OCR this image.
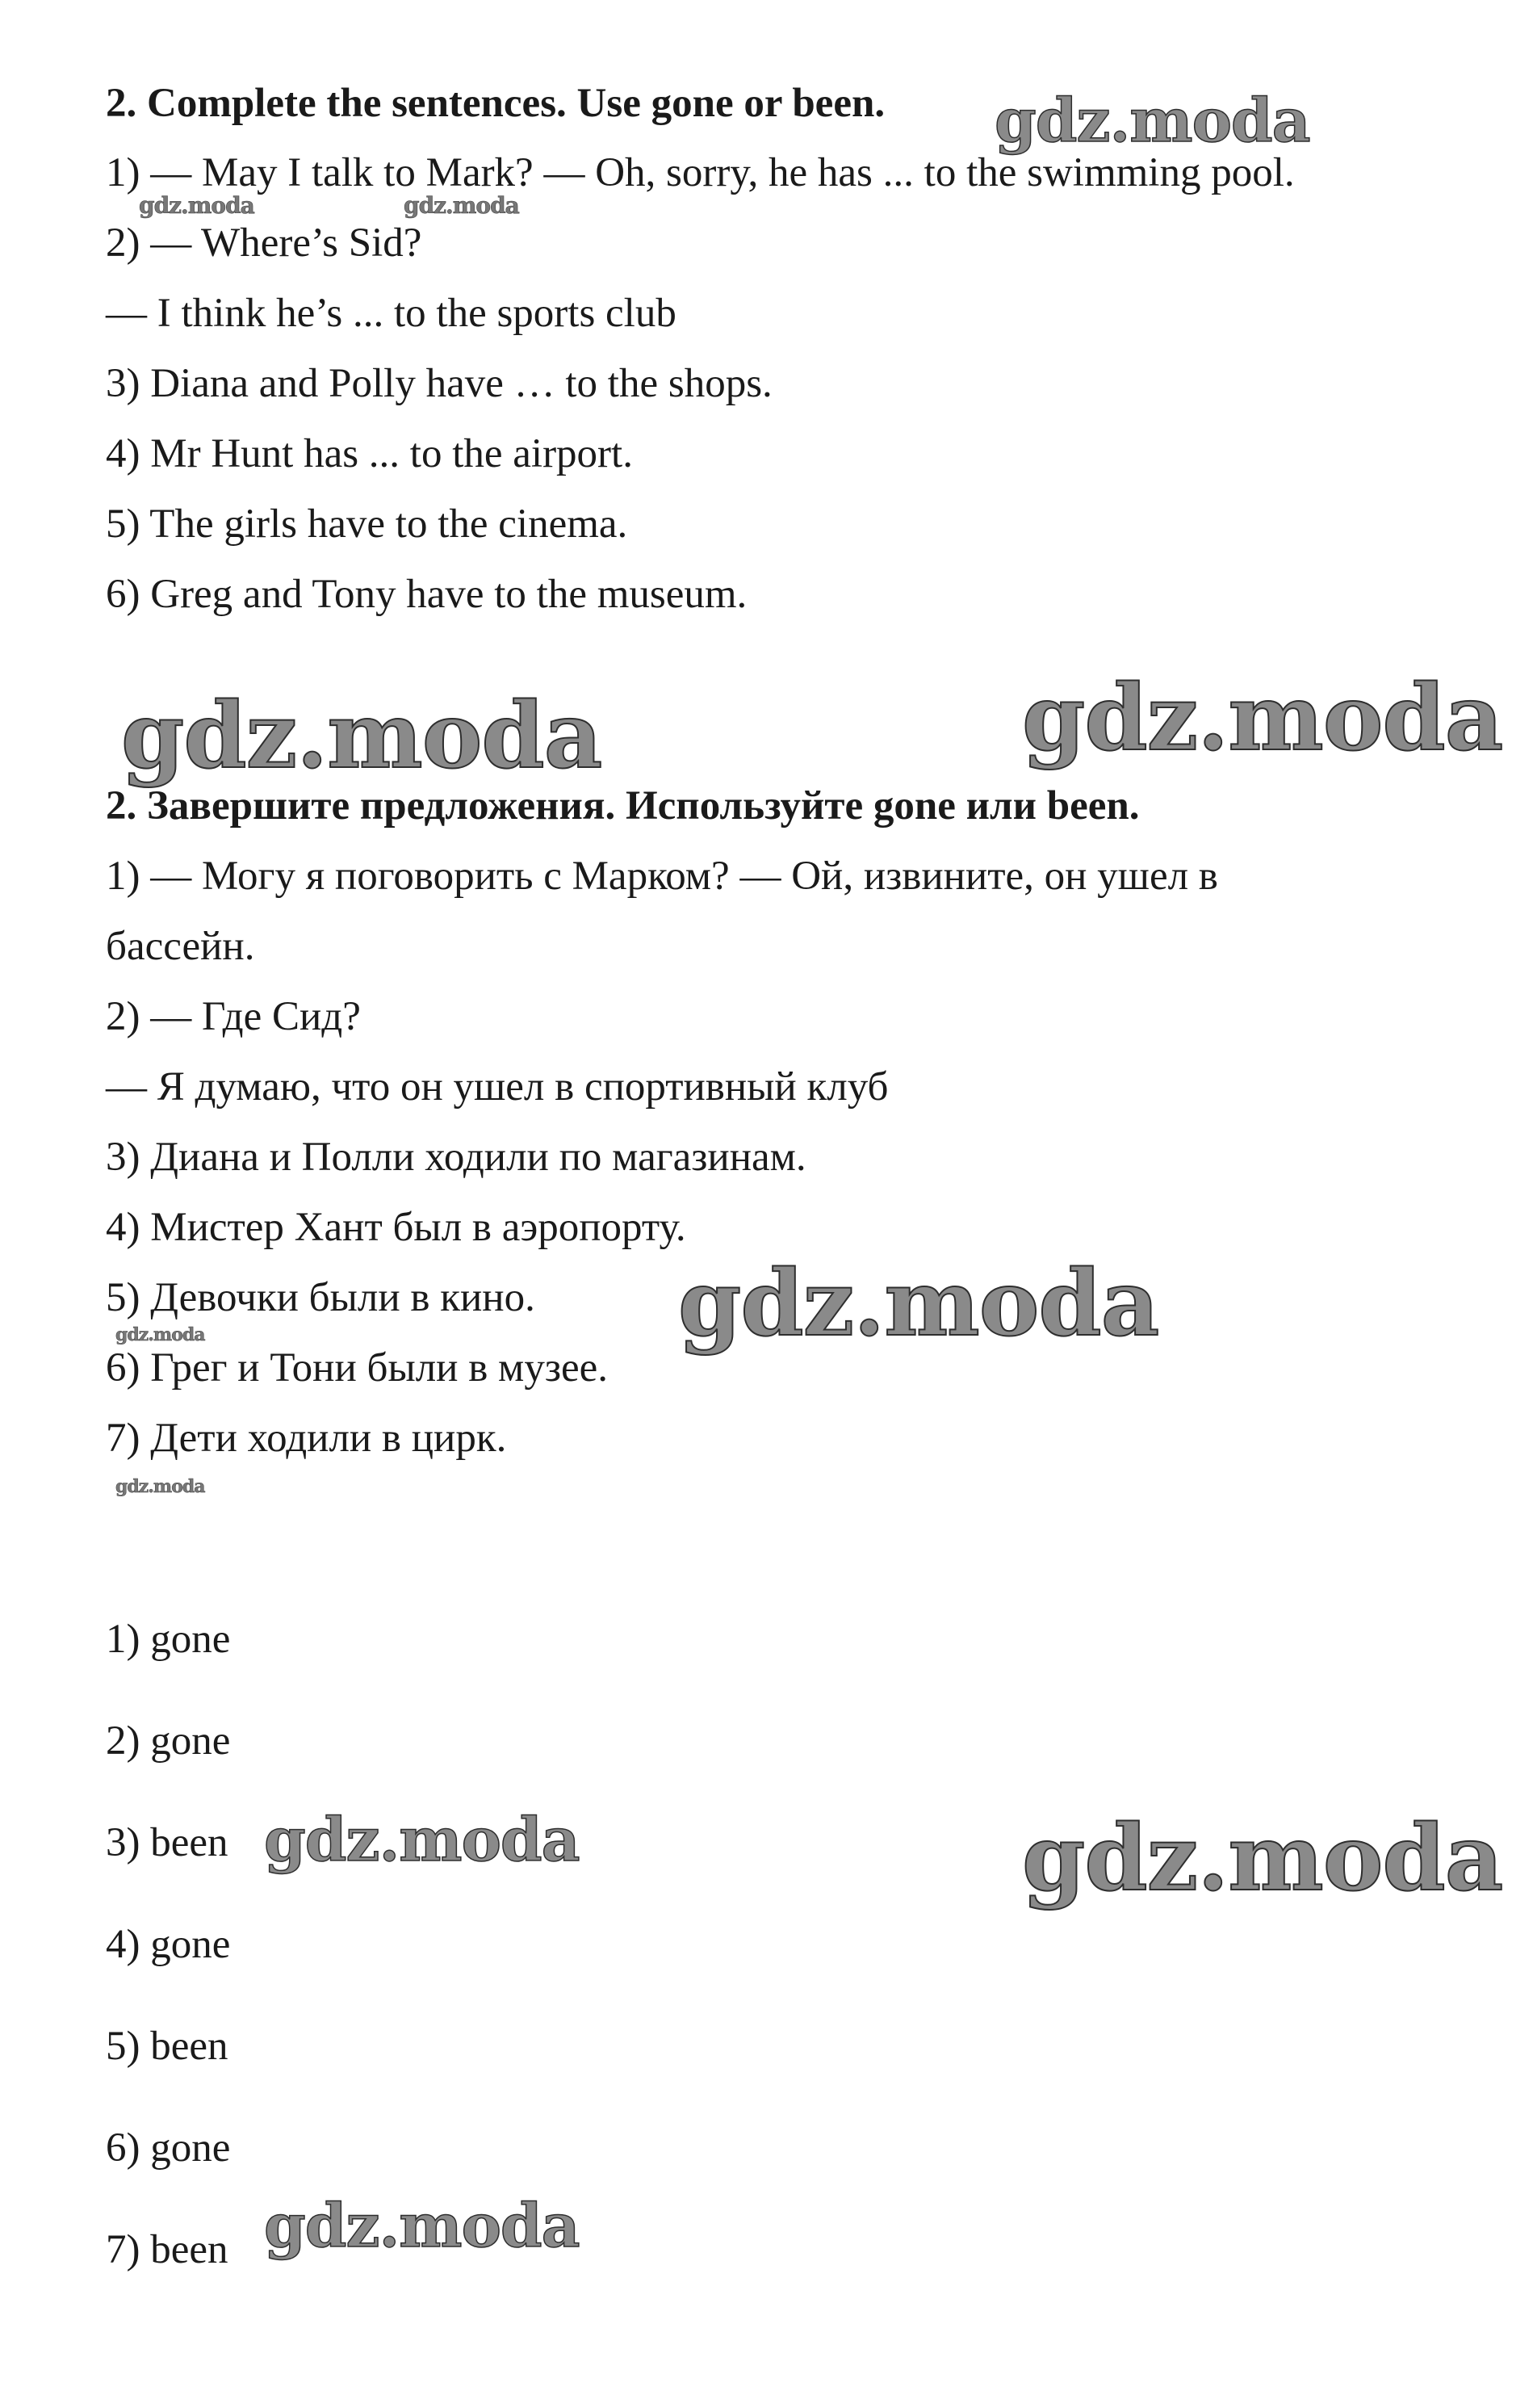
2. Complete the sentences. Use gone or been.
1) — May I talk to Mark? — Oh, sorry, he has ... to the swimming pool.
2) — Where’s Sid?
— I think he’s ... to the sports club
3) Diana and Polly have … to the shops.
4) Mr Hunt has ... to the airport.
5) The girls have to the cinema.
6) Greg and Tony have to the museum.
2. Завершите предложения. Используйте gone или been.
1) — Могу я поговорить с Марком? — Ой, извините, он ушел в
бассейн.
2) — Где Сид?
— Я думаю, что он ушел в спортивный клуб
3) Диана и Полли ходили по магазинам.
4) Мистер Хант был в аэропорту.
5) Девочки были в кино.
6) Грег и Тони были в музее.
7) Дети ходили в цирк.
1) gone
2) gone
3) been
4) gone
5) been
6) gone
7) been
gdz.moda
gdz.moda	gdz.moda
gdz.moda	gdz.moda
gdz.moda
gdz.moda
gdz.moda
gdz.moda	gdz.moda
gdz.moda
